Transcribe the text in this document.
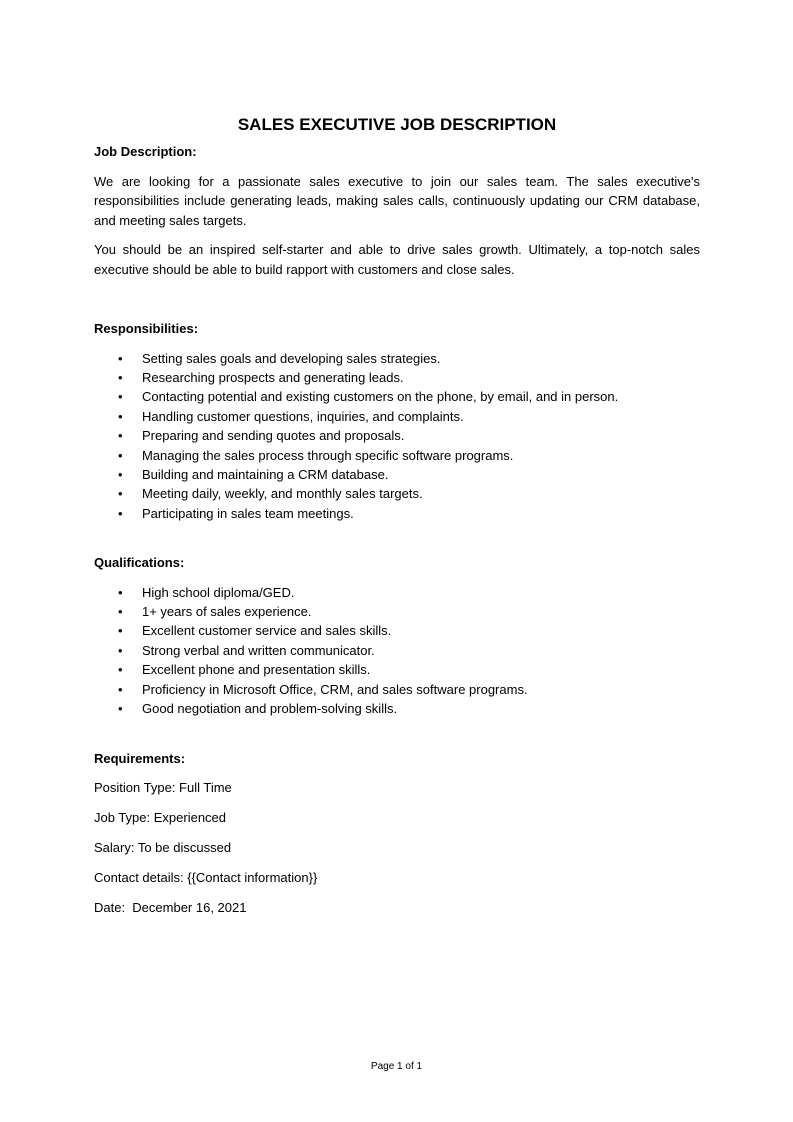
SALES EXECUTIVE JOB DESCRIPTION

Job Description:

We are looking for a passionate sales executive to join our sales team. The sales executive's responsibilities include generating leads, making sales calls, continuously updating our CRM database, and meeting sales targets.

You should be an inspired self-starter and able to drive sales growth. Ultimately, a top-notch sales executive should be able to build rapport with customers and close sales.

Responsibilities:

• Setting sales goals and developing sales strategies.
• Researching prospects and generating leads.
• Contacting potential and existing customers on the phone, by email, and in person.
• Handling customer questions, inquiries, and complaints.
• Preparing and sending quotes and proposals.
• Managing the sales process through specific software programs.
• Building and maintaining a CRM database.
• Meeting daily, weekly, and monthly sales targets.
• Participating in sales team meetings.

Qualifications:

• High school diploma/GED.
• 1+ years of sales experience.
• Excellent customer service and sales skills.
• Strong verbal and written communicator.
• Excellent phone and presentation skills.
• Proficiency in Microsoft Office, CRM, and sales software programs.
• Good negotiation and problem-solving skills.

Requirements:

Position Type: Full Time

Job Type: Experienced

Salary: To be discussed

Contact details: {{Contact information}}

Date:  December 16, 2021

Page 1 of 1
